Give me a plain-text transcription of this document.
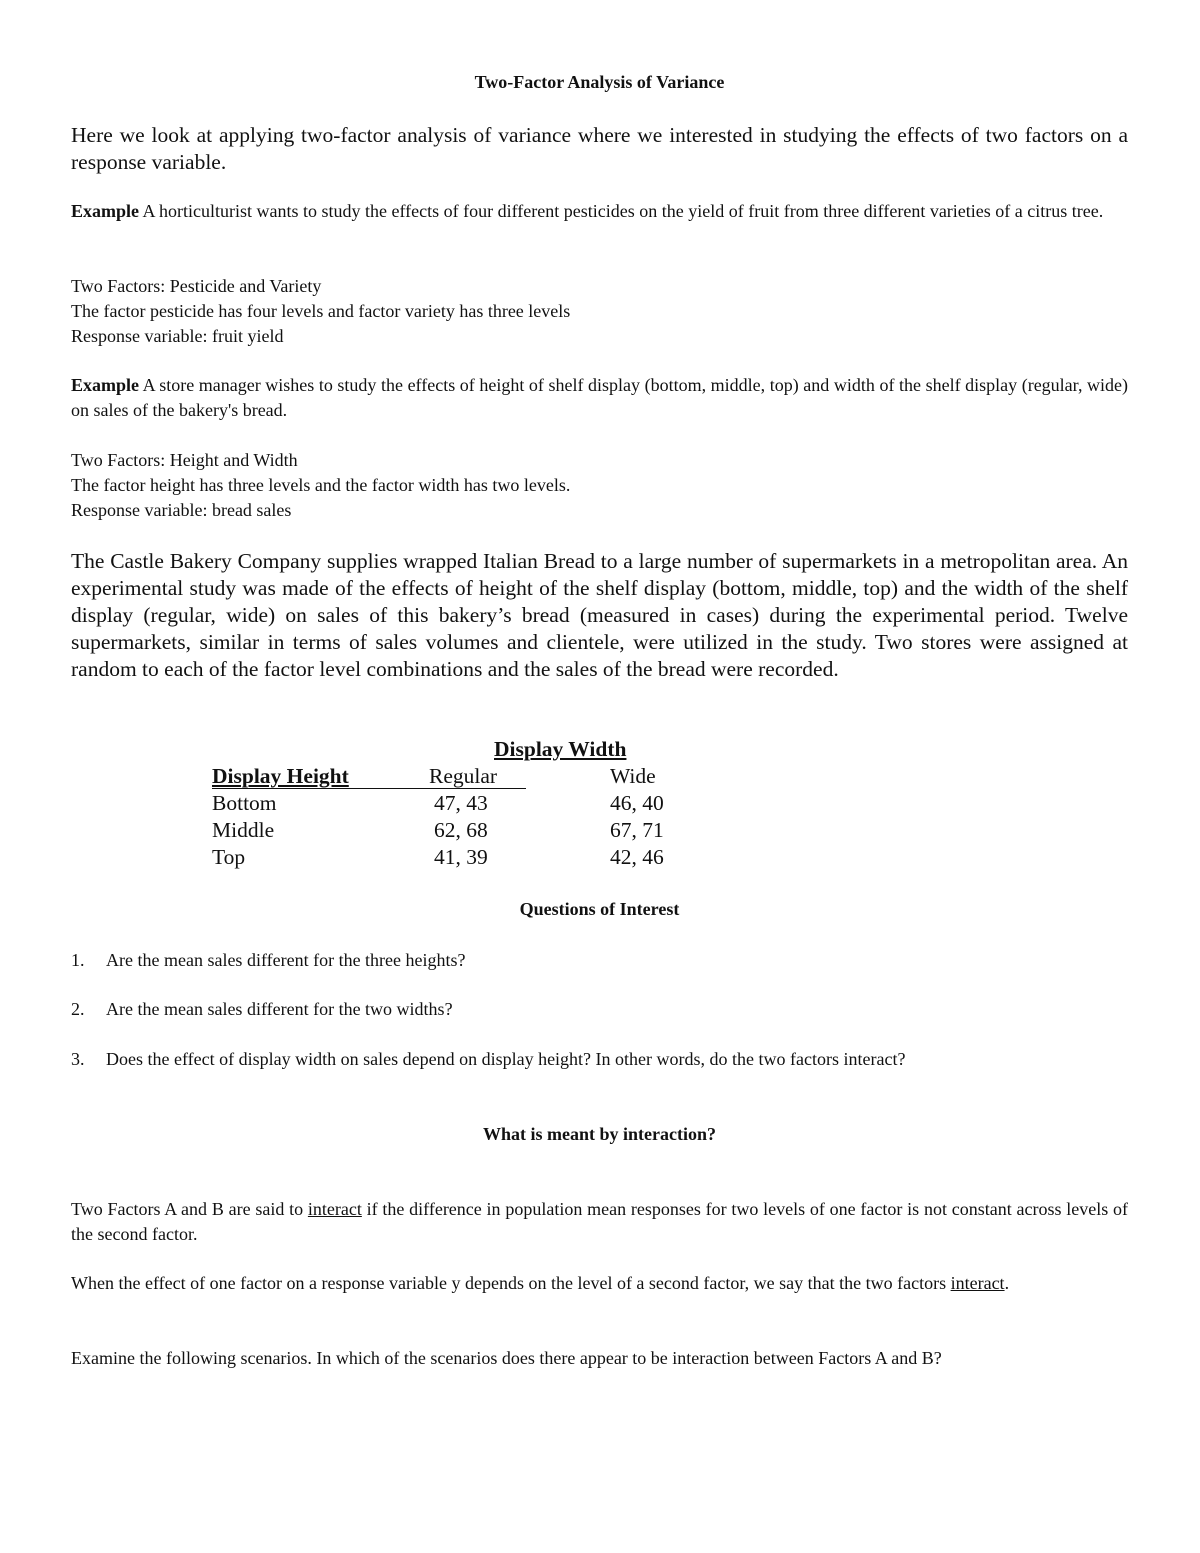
Two-Factor Analysis of Variance

Here we look at applying two-factor analysis of variance where we interested in studying the effects of two factors on a response variable.

Example A horticulturist wants to study the effects of four different pesticides on the yield of fruit from three different varieties of a citrus tree.

Two Factors: Pesticide and Variety
The factor pesticide has four levels and factor variety has three levels
Response variable: fruit yield

Example A store manager wishes to study the effects of height of shelf display (bottom, middle, top) and width of the shelf display (regular, wide) on sales of the bakery's bread.

Two Factors: Height and Width
The factor height has three levels and the factor width has two levels.
Response variable: bread sales

The Castle Bakery Company supplies wrapped Italian Bread to a large number of supermarkets in a metropolitan area. An experimental study was made of the effects of height of the shelf display (bottom, middle, top) and the width of the shelf display (regular, wide) on sales of this bakery’s bread (measured in cases) during the experimental period. Twelve supermarkets, similar in terms of sales volumes and clientele, were utilized in the study. Two stores were assigned at random to each of the factor level combinations and the sales of the bread were recorded.

Display Width
Display Height	Regular	Wide
Bottom	47, 43	46, 40
Middle	62, 68	67, 71
Top	41, 39	42, 46
Questions of Interest
1. Are the mean sales different for the three heights?
2. Are the mean sales different for the two widths?
3. Does the effect of display width on sales depend on display height? In other words, do the two factors interact?
What is meant by interaction?

Two Factors A and B are said to interact if the difference in population mean responses for two levels of one factor is not constant across levels of the second factor.

When the effect of one factor on a response variable y depends on the level of a second factor, we say that the two factors interact.

Examine the following scenarios. In which of the scenarios does there appear to be interaction between Factors A and B?
